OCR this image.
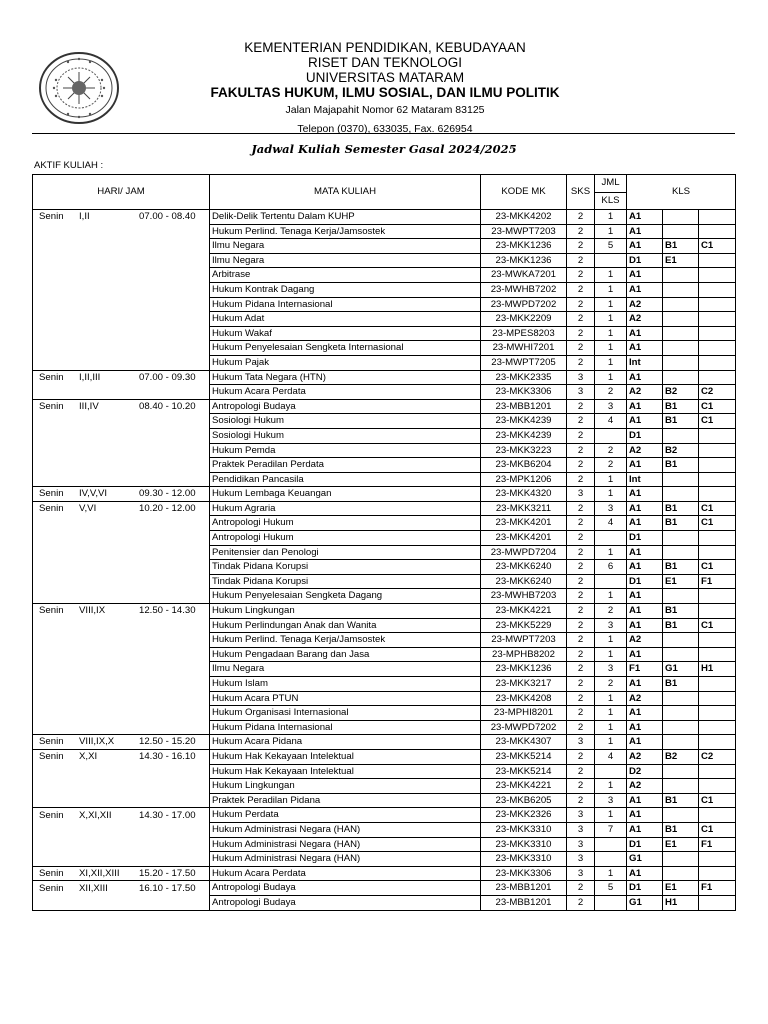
KEMENTERIAN PENDIDIKAN, KEBUDAYAAN
RISET DAN TEKNOLOGI
UNIVERSITAS MATARAM
FAKULTAS HUKUM, ILMU SOSIAL, DAN ILMU POLITIK
Jalan Majapahit Nomor 62 Mataram 83125
Telepon (0370), 633035, Fax. 626954
Jadwal Kuliah Semester Gasal 2024/2025
AKTIF KULIAH :
HARI/ JAM	MATA KULIAH	KODE MK	SKS	JML	KLS		
				KLS			
Senin I,II 07.00 - 08.40	Delik-Delik Tertentu Dalam KUHP	23-MKK4202	2	1	A1		
	Hukum Perlind. Tenaga Kerja/Jamsostek	23-MWPT7203	2	1	A1		
	Ilmu Negara	23-MKK1236	2	5	A1	B1	C1
	Ilmu Negara	23-MKK1236	2		D1	E1	
	Arbitrase	23-MWKA7201	2	1	A1		
	Hukum Kontrak Dagang	23-MWHB7202	2	1	A1		
	Hukum Pidana Internasional	23-MWPD7202	2	1	A2		
	Hukum Adat	23-MKK2209	2	1	A2		
	Hukum Wakaf	23-MPES8203	2	1	A1		
	Hukum Penyelesaian Sengketa Internasional	23-MWHI7201	2	1	A1		
	Hukum Pajak	23-MWPT7205	2	1	Int		
Senin I,II,III 07.00 - 09.30	Hukum Tata Negara (HTN)	23-MKK2335	3	1	A1		
	Hukum Acara Perdata	23-MKK3306	3	2	A2	B2	C2
Senin III,IV 08.40 - 10.20	Antropologi Budaya	23-MBB1201	2	3	A1	B1	C1
	Sosiologi Hukum	23-MKK4239	2	4	A1	B1	C1
	Sosiologi Hukum	23-MKK4239	2		D1		
	Hukum Pemda	23-MKK3223	2	2	A2	B2	
	Praktek Peradilan Perdata	23-MKB6204	2	2	A1	B1	
	Pendidikan Pancasila	23-MPK1206	2	1	Int		
Senin IV,V,VI 09.30 - 12.00	Hukum Lembaga Keuangan	23-MKK4320	3	1	A1		
Senin V,VI 10.20 - 12.00	Hukum Agraria	23-MKK3211	2	3	A1	B1	C1
	Antropologi Hukum	23-MKK4201	2	4	A1	B1	C1
	Antropologi Hukum	23-MKK4201	2		D1		
	Penitensier dan Penologi	23-MWPD7204	2	1	A1		
	Tindak Pidana Korupsi	23-MKK6240	2	6	A1	B1	C1
	Tindak Pidana Korupsi	23-MKK6240	2		D1	E1	F1
	Hukum Penyelesaian Sengketa Dagang	23-MWHB7203	2	1	A1		
Senin VIII,IX 12.50 - 14.30	Hukum Lingkungan	23-MKK4221	2	2	A1	B1	
	Hukum Perlindungan Anak dan Wanita	23-MKK5229	2	3	A1	B1	C1
	Hukum Perlind. Tenaga Kerja/Jamsostek	23-MWPT7203	2	1	A2		
	Hukum Pengadaan Barang dan Jasa	23-MPHB8202	2	1	A1		
	Ilmu Negara	23-MKK1236	2	3	F1	G1	H1
	Hukum Islam	23-MKK3217	2	2	A1	B1	
	Hukum Acara PTUN	23-MKK4208	2	1	A2		
	Hukum Organisasi Internasional	23-MPHI8201	2	1	A1		
	Hukum Pidana Internasional	23-MWPD7202	2	1	A1		
Senin VIII,IX,X 12.50 - 15.20	Hukum Acara Pidana	23-MKK4307	3	1	A1		
Senin X,XI 14.30 - 16.10	Hukum Hak Kekayaan Intelektual	23-MKK5214	2	4	A2	B2	C2
	Hukum Hak Kekayaan Intelektual	23-MKK5214	2		D2		
	Hukum Lingkungan	23-MKK4221	2	1	A2		
	Praktek Peradilan Pidana	23-MKB6205	2	3	A1	B1	C1
Senin X,XI,XII 14.30 - 17.00	Hukum Perdata	23-MKK2326	3	1	A1		
	Hukum Administrasi Negara (HAN)	23-MKK3310	3	7	A1	B1	C1
	Hukum Administrasi Negara (HAN)	23-MKK3310	3		D1	E1	F1
	Hukum Administrasi Negara (HAN)	23-MKK3310	3		G1		
Senin XI,XII,XIII 15.20 - 17.50	Hukum Acara Perdata	23-MKK3306	3	1	A1		
Senin XII,XIII 16.10 - 17.50	Antropologi Budaya	23-MBB1201	2	5	D1	E1	F1
	Antropologi Budaya	23-MBB1201	2		G1	H1	
